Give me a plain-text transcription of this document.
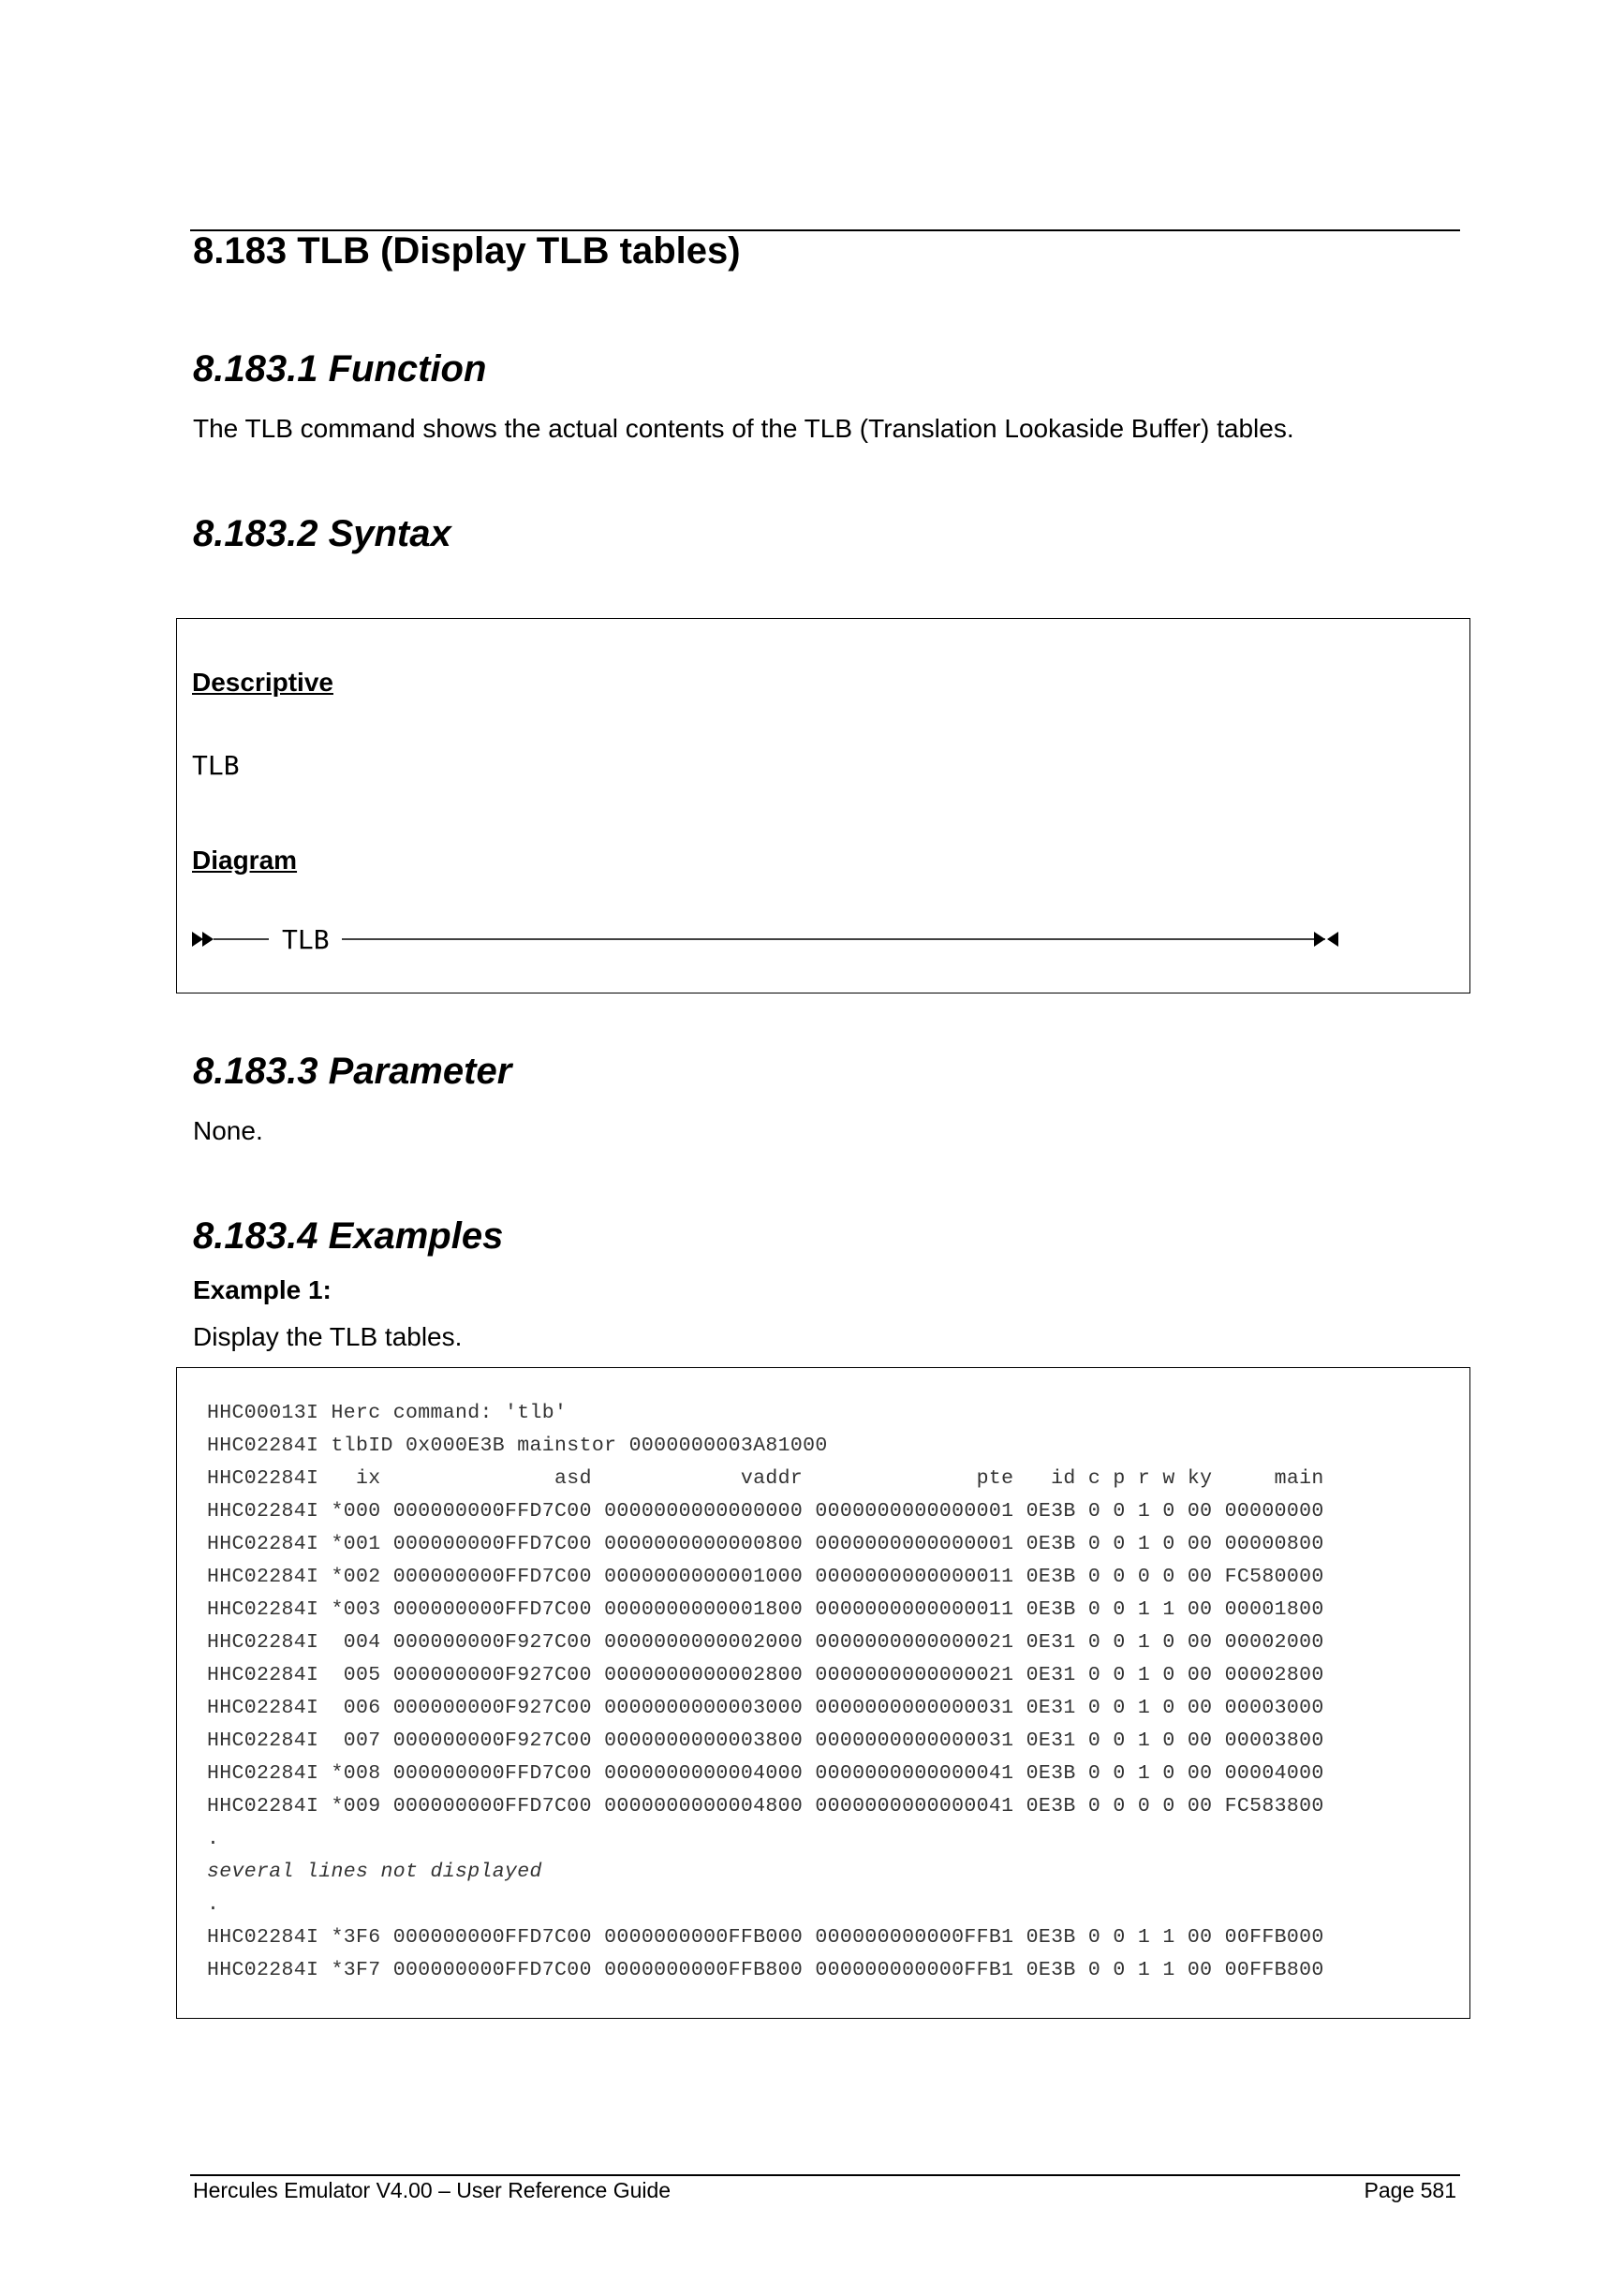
8.183 TLB (Display TLB tables)
8.183.1 Function
The TLB command shows the actual contents of the TLB (Translation Lookaside Buffer) tables.
8.183.2 Syntax
Descriptive
TLB
Diagram
TLB
8.183.3 Parameter
None.
8.183.4 Examples
Example 1:
Display the TLB tables.
HHC00013I Herc command: 'tlb'
HHC02284I tlbID 0x000E3B mainstor 0000000003A81000
HHC02284I   ix              asd            vaddr              pte   id c p r w ky     main
HHC02284I *000 000000000FFD7C00 0000000000000000 0000000000000001 0E3B 0 0 1 0 00 00000000
HHC02284I *001 000000000FFD7C00 0000000000000800 0000000000000001 0E3B 0 0 1 0 00 00000800
HHC02284I *002 000000000FFD7C00 0000000000001000 0000000000000011 0E3B 0 0 0 0 00 FC580000
HHC02284I *003 000000000FFD7C00 0000000000001800 0000000000000011 0E3B 0 0 1 1 00 00001800
HHC02284I  004 000000000F927C00 0000000000002000 0000000000000021 0E31 0 0 1 0 00 00002000
HHC02284I  005 000000000F927C00 0000000000002800 0000000000000021 0E31 0 0 1 0 00 00002800
HHC02284I  006 000000000F927C00 0000000000003000 0000000000000031 0E31 0 0 1 0 00 00003000
HHC02284I  007 000000000F927C00 0000000000003800 0000000000000031 0E31 0 0 1 0 00 00003800
HHC02284I *008 000000000FFD7C00 0000000000004000 0000000000000041 0E3B 0 0 1 0 00 00004000
HHC02284I *009 000000000FFD7C00 0000000000004800 0000000000000041 0E3B 0 0 0 0 00 FC583800
.
several lines not displayed
.
HHC02284I *3F6 000000000FFD7C00 0000000000FFB000 000000000000FFB1 0E3B 0 0 1 1 00 00FFB000
HHC02284I *3F7 000000000FFD7C00 0000000000FFB800 000000000000FFB1 0E3B 0 0 1 1 00 00FFB800
Hercules Emulator V4.00 – User Reference Guide	Page 581
